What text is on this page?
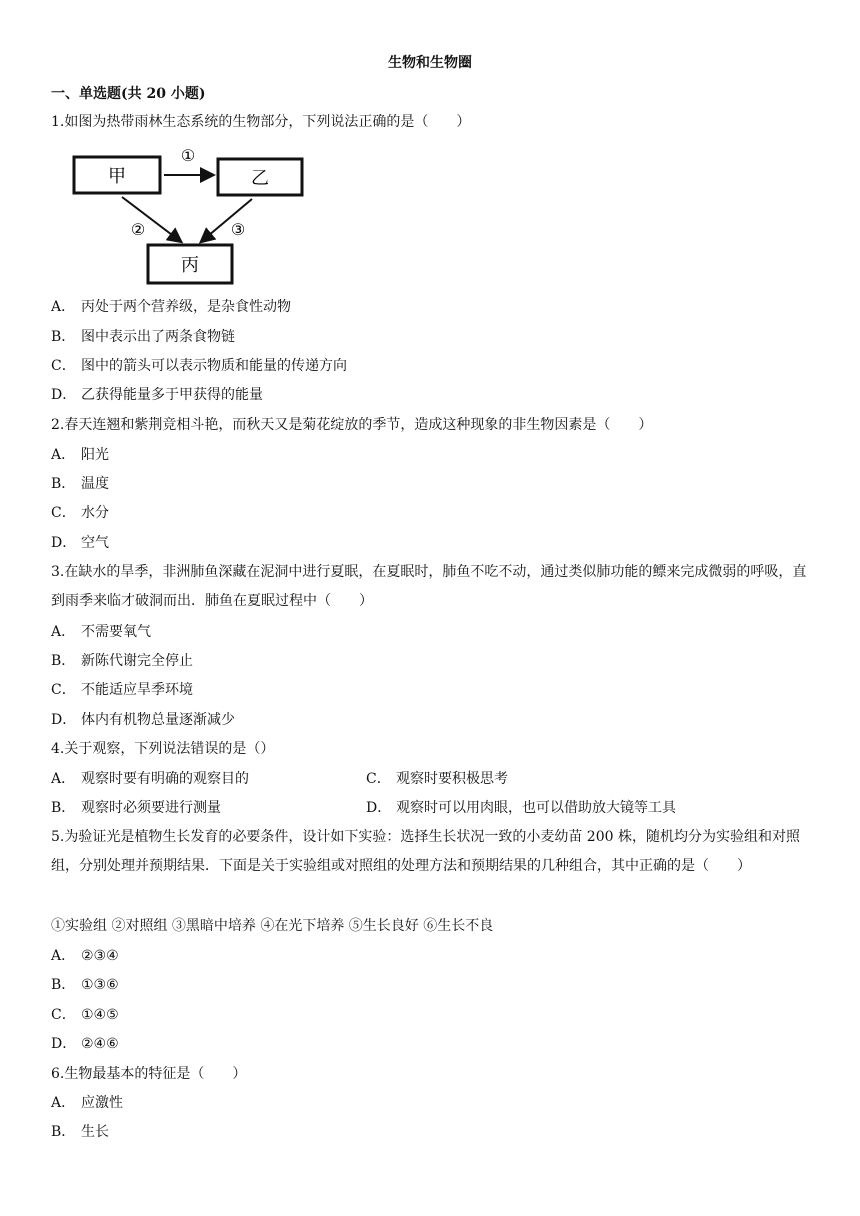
生物和生物圈
一、单选题(共 20 小题)
1.如图为热带雨林生态系统的生物部分，下列说法正确的是（　　）
甲	乙
丙
①
②	③
A． 丙处于两个营养级，是杂食性动物
B． 图中表示出了两条食物链
C． 图中的箭头可以表示物质和能量的传递方向
D． 乙获得能量多于甲获得的能量
2.春天连翘和紫荆竞相斗艳，而秋天又是菊花绽放的季节，造成这种现象的非生物因素是（　　）
A． 阳光
B． 温度
C． 水分
D． 空气
3.在缺水的旱季，非洲肺鱼深藏在泥洞中进行夏眠，在夏眠时，肺鱼不吃不动，通过类似肺功能的鳔来完成微弱的呼吸，直到雨季来临才破洞而出．肺鱼在夏眠过程中（　　）
A． 不需要氧气
B． 新陈代谢完全停止
C． 不能适应旱季环境
D． 体内有机物总量逐渐减少
4.关于观察，下列说法错误的是（）
A． 观察时要有明确的观察目的	C． 观察时要积极思考
B． 观察时必须要进行测量	D． 观察时可以用肉眼，也可以借助放大镜等工具
5.为验证光是植物生长发育的必要条件，设计如下实验：选择生长状况一致的小麦幼苗 200 株，随机均分为实验组和对照组，分别处理并预期结果．下面是关于实验组或对照组的处理方法和预期结果的几种组合，其中正确的是（　　）
①实验组 ②对照组 ③黑暗中培养 ④在光下培养 ⑤生长良好 ⑥生长不良
A． ②③④
B． ①③⑥
C． ①④⑤
D． ②④⑥
6.生物最基本的特征是（　　）
A． 应激性
B． 生长
